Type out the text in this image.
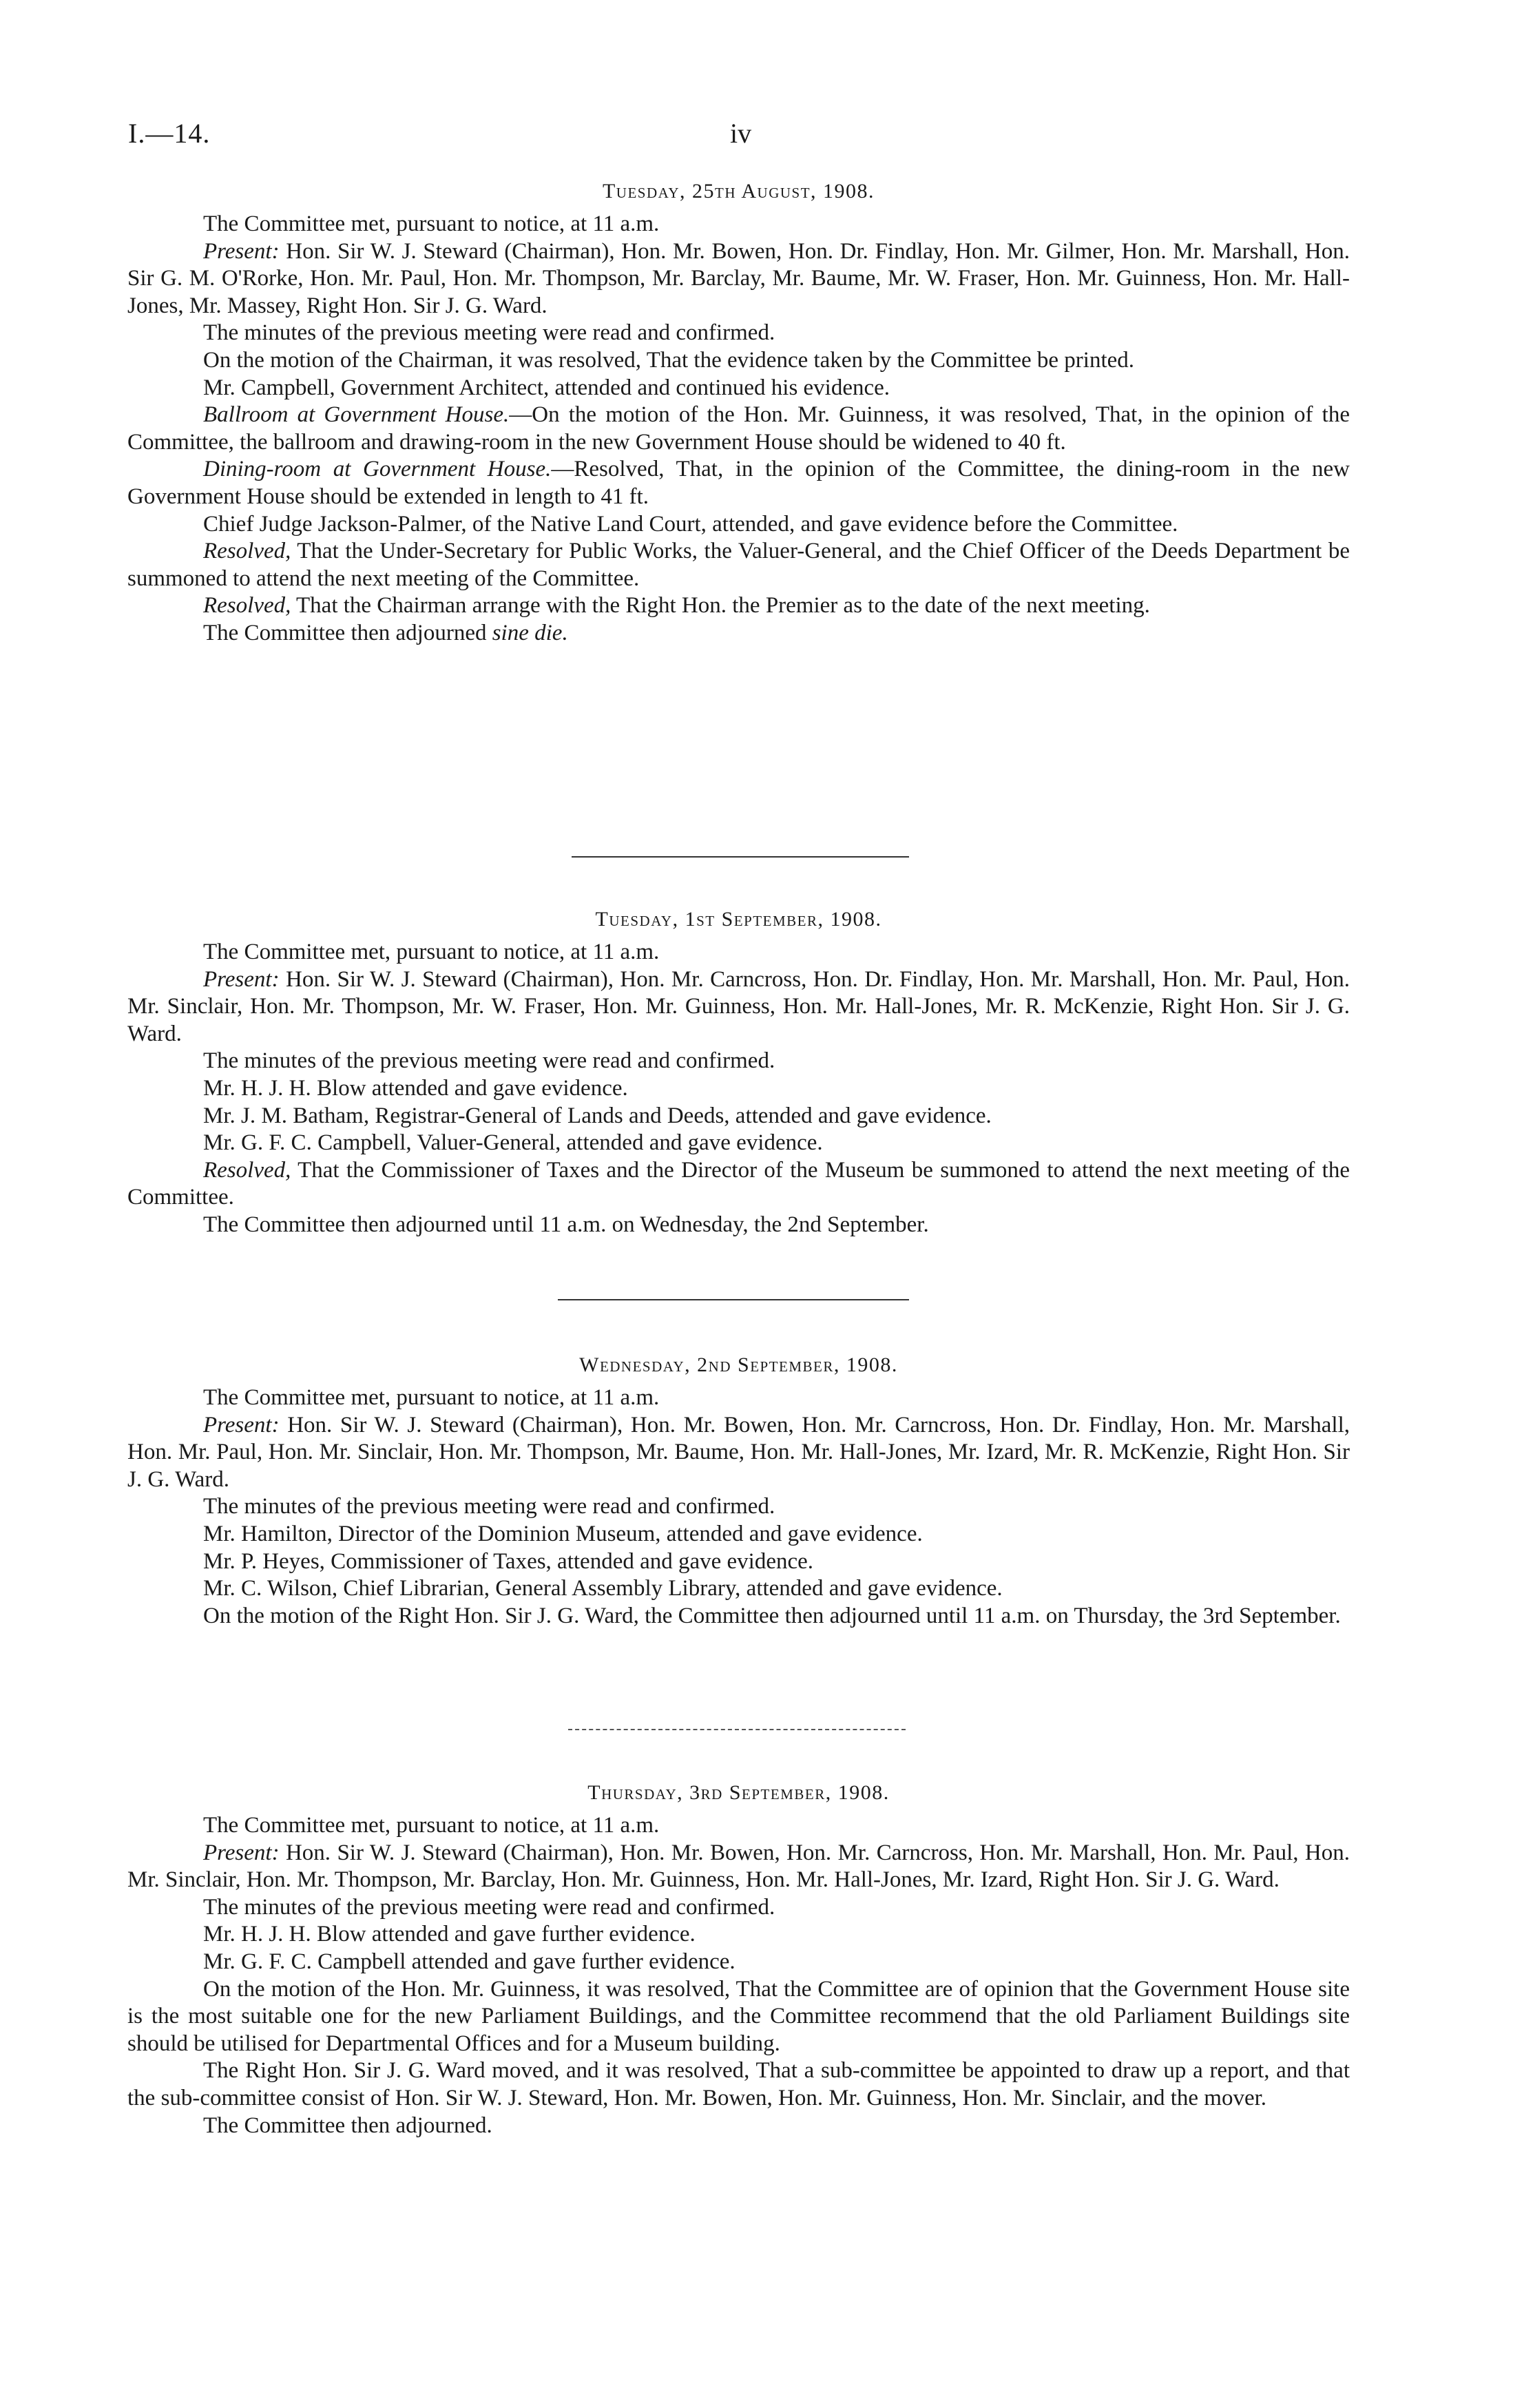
I.—14.	iv
Tuesday, 25th August, 1908.

The Committee met, pursuant to notice, at 11 a.m.

Present: Hon. Sir W. J. Steward (Chairman), Hon. Mr. Bowen, Hon. Dr. Findlay, Hon. Mr. Gilmer, Hon. Mr. Marshall, Hon. Sir G. M. O'Rorke, Hon. Mr. Paul, Hon. Mr. Thompson, Mr. Barclay, Mr. Baume, Mr. W. Fraser, Hon. Mr. Guinness, Hon. Mr. Hall-Jones, Mr. Massey, Right Hon. Sir J. G. Ward.

The minutes of the previous meeting were read and confirmed.

On the motion of the Chairman, it was resolved, That the evidence taken by the Committee be printed.

Mr. Campbell, Government Architect, attended and continued his evidence.

Ballroom at Government House.—On the motion of the Hon. Mr. Guinness, it was resolved, That, in the opinion of the Committee, the ballroom and drawing-room in the new Government House should be widened to 40 ft.

Dining-room at Government House.—Resolved, That, in the opinion of the Committee, the dining-room in the new Government House should be extended in length to 41 ft.

Chief Judge Jackson-Palmer, of the Native Land Court, attended, and gave evidence before the Committee.

Resolved, That the Under-Secretary for Public Works, the Valuer-General, and the Chief Officer of the Deeds Department be summoned to attend the next meeting of the Committee.

Resolved, That the Chairman arrange with the Right Hon. the Premier as to the date of the next meeting.

The Committee then adjourned sine die.

Tuesday, 1st September, 1908.

The Committee met, pursuant to notice, at 11 a.m.

Present: Hon. Sir W. J. Steward (Chairman), Hon. Mr. Carncross, Hon. Dr. Findlay, Hon. Mr. Marshall, Hon. Mr. Paul, Hon. Mr. Sinclair, Hon. Mr. Thompson, Mr. W. Fraser, Hon. Mr. Guinness, Hon. Mr. Hall-Jones, Mr. R. McKenzie, Right Hon. Sir J. G. Ward.

The minutes of the previous meeting were read and confirmed.

Mr. H. J. H. Blow attended and gave evidence.

Mr. J. M. Batham, Registrar-General of Lands and Deeds, attended and gave evidence.

Mr. G. F. C. Campbell, Valuer-General, attended and gave evidence.

Resolved, That the Commissioner of Taxes and the Director of the Museum be summoned to attend the next meeting of the Committee.

The Committee then adjourned until 11 a.m. on Wednesday, the 2nd September.

Wednesday, 2nd September, 1908.

The Committee met, pursuant to notice, at 11 a.m.

Present: Hon. Sir W. J. Steward (Chairman), Hon. Mr. Bowen, Hon. Mr. Carncross, Hon. Dr. Findlay, Hon. Mr. Marshall, Hon. Mr. Paul, Hon. Mr. Sinclair, Hon. Mr. Thompson, Mr. Baume, Hon. Mr. Hall-Jones, Mr. Izard, Mr. R. McKenzie, Right Hon. Sir J. G. Ward.

The minutes of the previous meeting were read and confirmed.

Mr. Hamilton, Director of the Dominion Museum, attended and gave evidence.

Mr. P. Heyes, Commissioner of Taxes, attended and gave evidence.

Mr. C. Wilson, Chief Librarian, General Assembly Library, attended and gave evidence.

On the motion of the Right Hon. Sir J. G. Ward, the Committee then adjourned until 11 a.m. on Thursday, the 3rd September.

Thursday, 3rd September, 1908.

The Committee met, pursuant to notice, at 11 a.m.

Present: Hon. Sir W. J. Steward (Chairman), Hon. Mr. Bowen, Hon. Mr. Carncross, Hon. Mr. Marshall, Hon. Mr. Paul, Hon. Mr. Sinclair, Hon. Mr. Thompson, Mr. Barclay, Hon. Mr. Guinness, Hon. Mr. Hall-Jones, Mr. Izard, Right Hon. Sir J. G. Ward.

The minutes of the previous meeting were read and confirmed.

Mr. H. J. H. Blow attended and gave further evidence.

Mr. G. F. C. Campbell attended and gave further evidence.

On the motion of the Hon. Mr. Guinness, it was resolved, That the Committee are of opinion that the Government House site is the most suitable one for the new Parliament Buildings, and the Committee recommend that the old Parliament Buildings site should be utilised for Departmental Offices and for a Museum building.

The Right Hon. Sir J. G. Ward moved, and it was resolved, That a sub-committee be appointed to draw up a report, and that the sub-committee consist of Hon. Sir W. J. Steward, Hon. Mr. Bowen, Hon. Mr. Guinness, Hon. Mr. Sinclair, and the mover.

The Committee then adjourned.
